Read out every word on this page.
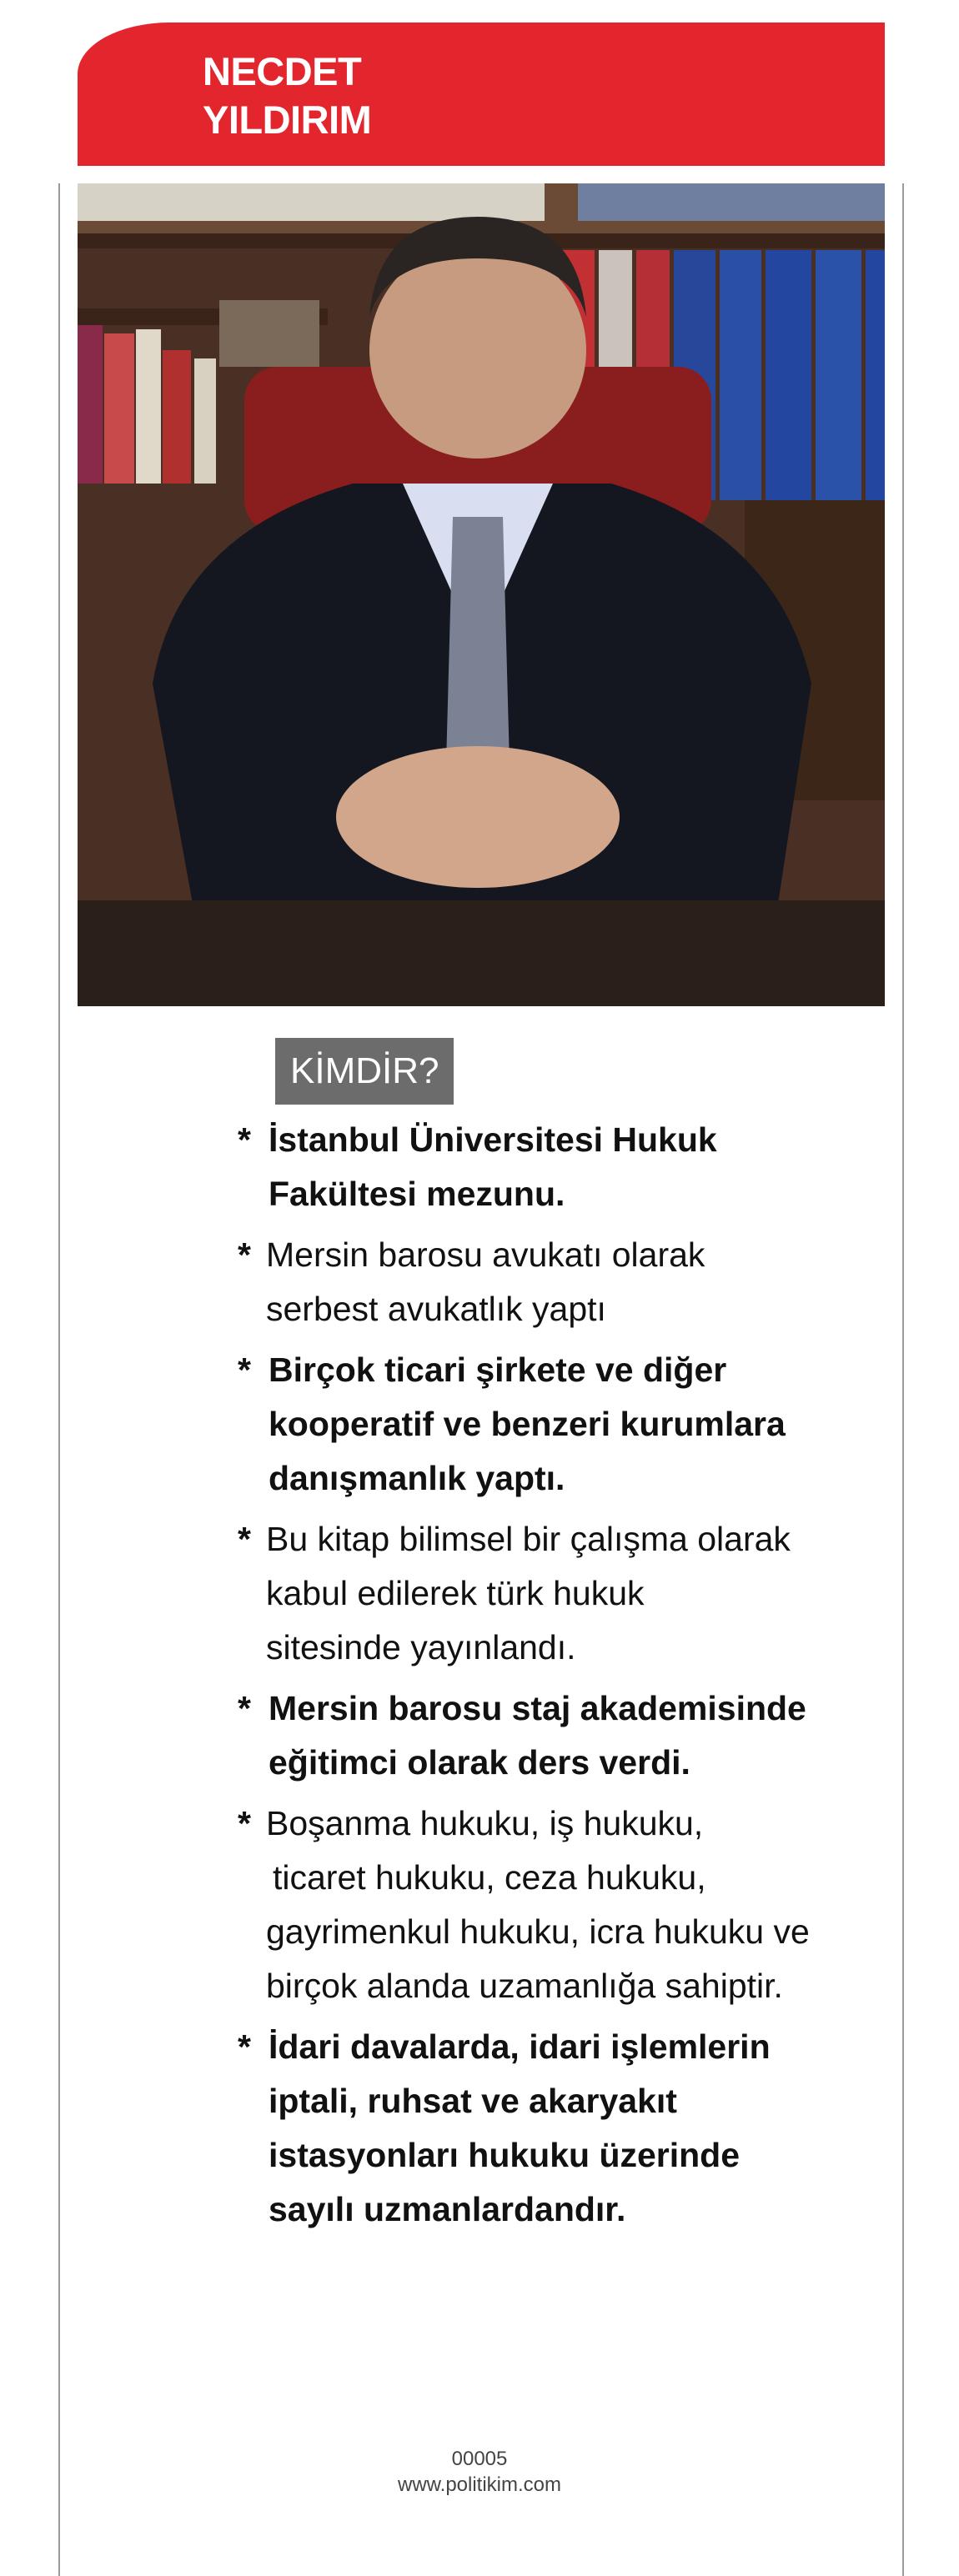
NECDET
YILDIRIM
KİMDİR?
* İstanbul Üniversitesi Hukuk
Fakültesi mezunu.
* Mersin barosu avukatı olarak
serbest avukatlık yaptı
* Birçok ticari şirkete ve diğer
kooperatif ve benzeri kurumlara
danışmanlık yaptı.
* Bu kitap bilimsel bir çalışma olarak
kabul edilerek türk hukuk
sitesinde yayınlandı.
* Mersin barosu staj akademisinde
eğitimci olarak ders verdi.
* Boşanma hukuku, iş hukuku,
ticaret hukuku, ceza hukuku,
gayrimenkul hukuku, icra hukuku ve
birçok alanda uzamanlığa sahiptir.
* İdari davalarda, idari işlemlerin
iptali, ruhsat ve akaryakıt
istasyonları hukuku üzerinde
sayılı uzmanlardandır.
00005
www.politikim.com
